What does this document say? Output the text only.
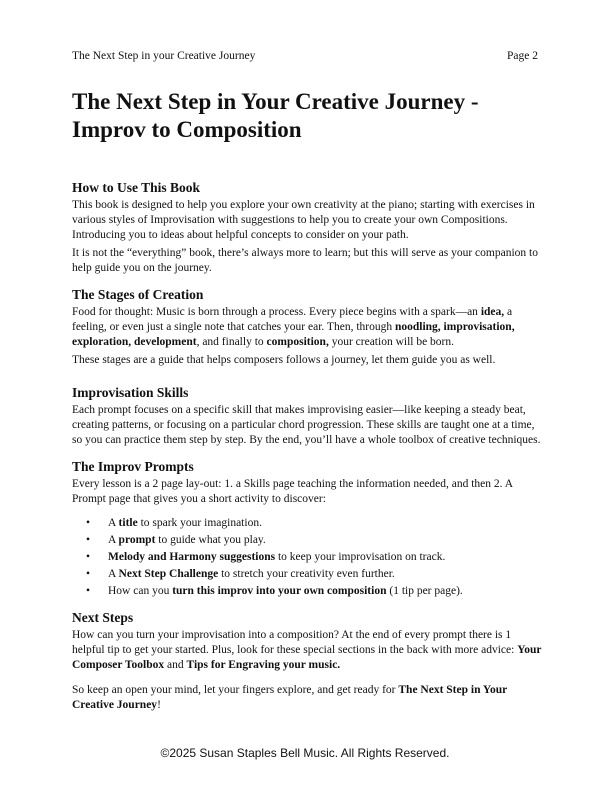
The Next Step in your Creative Journey	Page 2
The Next Step in Your Creative Journey -
Improv to Composition
How to Use This Book

This book is designed to help you explore your own creativity at the piano; starting with exercises in various styles of Improvisation with suggestions to help you to create your own Compositions. Introducing you to ideas about helpful concepts to consider on your path.

It is not the “everything” book, there’s always more to learn; but this will serve as your companion to help guide you on the journey.

The Stages of Creation

Food for thought: Music is born through a process. Every piece begins with a spark—an idea, a feeling, or even just a single note that catches your ear. Then, through noodling, improvisation, exploration, development, and finally to composition, your creation will be born.

These stages are a guide that helps composers follows a journey, let them guide you as well.

Improvisation Skills

Each prompt focuses on a specific skill that makes improvising easier—like keeping a steady beat, creating patterns, or focusing on a particular chord progression. These skills are taught one at a time, so you can practice them step by step. By the end, you’ll have a whole toolbox of creative techniques.

The Improv Prompts

Every lesson is a 2 page lay-out: 1. a Skills page teaching the information needed, and then 2. A Prompt page that gives you a short activity to discover:

• A title to spark your imagination.
• A prompt to guide what you play.
• Melody and Harmony suggestions to keep your improvisation on track.
• A Next Step Challenge to stretch your creativity even further.
• How can you turn this improv into your own composition (1 tip per page).
Next Steps

How can you turn your improvisation into a composition? At the end of every prompt there is 1 helpful tip to get your started. Plus, look for these special sections in the back with more advice: Your Composer Toolbox and Tips for Engraving your music.

So keep an open your mind, let your fingers explore, and get ready for The Next Step in Your Creative Journey!

©2025 Susan Staples Bell Music. All Rights Reserved.
